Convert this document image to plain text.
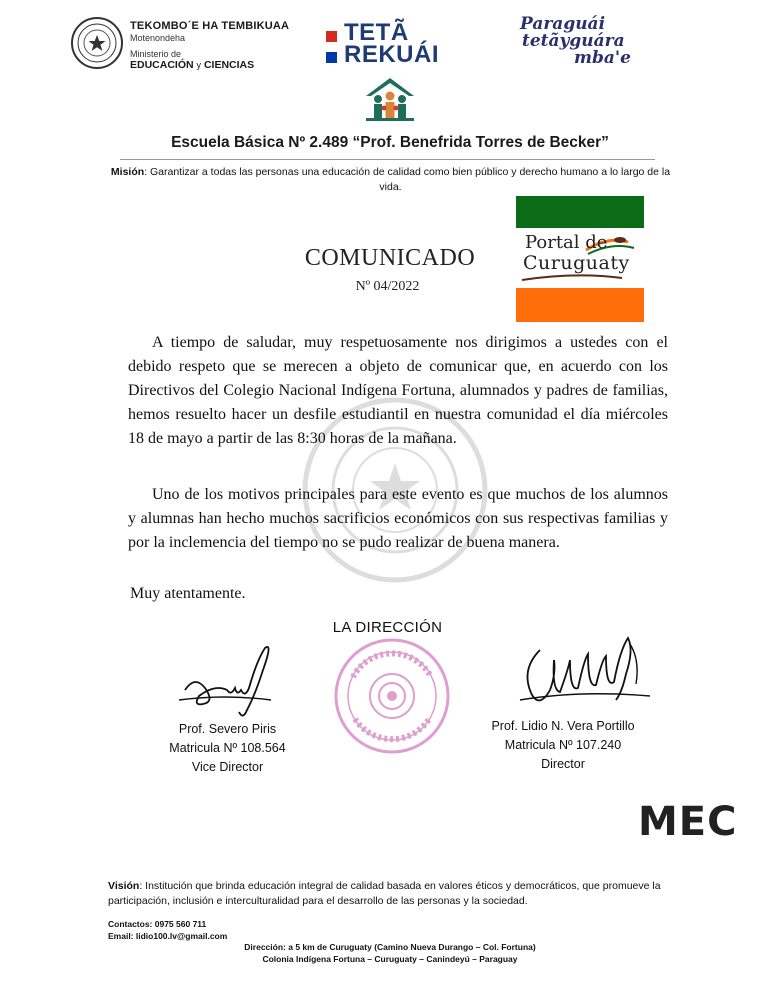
TEKOMBO´E HA TEMBIKUAA
Motenondeha
Ministerio de
EDUCACIÓN y CIENCIAS
TETÃ
REKUÁI
Paraguái
tetãyguára
mba'e
Escuela Básica Nº 2.489 “Prof. Benefrida Torres de Becker”
Misión: Garantizar a todas las personas una educación de calidad como bien público y derecho humano a lo largo de la vida.
Portal de
Curuguaty
COMUNICADO
Nº 04/2022
A tiempo de saludar, muy respetuosamente nos dirigimos a ustedes con el debido respeto que se merecen a objeto de comunicar que, en acuerdo con los Directivos del Colegio Nacional Indígena Fortuna, alumnados y padres de familias, hemos resuelto hacer un desfile estudiantil en nuestra comunidad el día miércoles 18 de mayo a partir de las 8:30 horas de la mañana.
Uno de los motivos principales para este evento es que muchos de los alumnos y alumnas han hecho muchos sacrificios económicos con sus respectivas familias y por la inclemencia del tiempo no se pudo realizar de buena manera.
Muy atentamente.
LA DIRECCIÓN
Prof. Severo Piris
Matricula Nº 108.564
Vice Director
Prof. Lidio N. Vera Portillo
Matricula Nº 107.240
Director
MEC
Visión: Institución que brinda educación integral de calidad basada en valores éticos y democráticos, que promueve la participación, inclusión e interculturalidad para el desarrollo de las personas y la sociedad.
Contactos: 0975 560 711
Email: lidio100.lv@gmail.com
Dirección: a 5 km de Curuguaty (Camino Nueva Durango – Col. Fortuna)
Colonia Indígena Fortuna – Curuguaty – Canindeyú – Paraguay
